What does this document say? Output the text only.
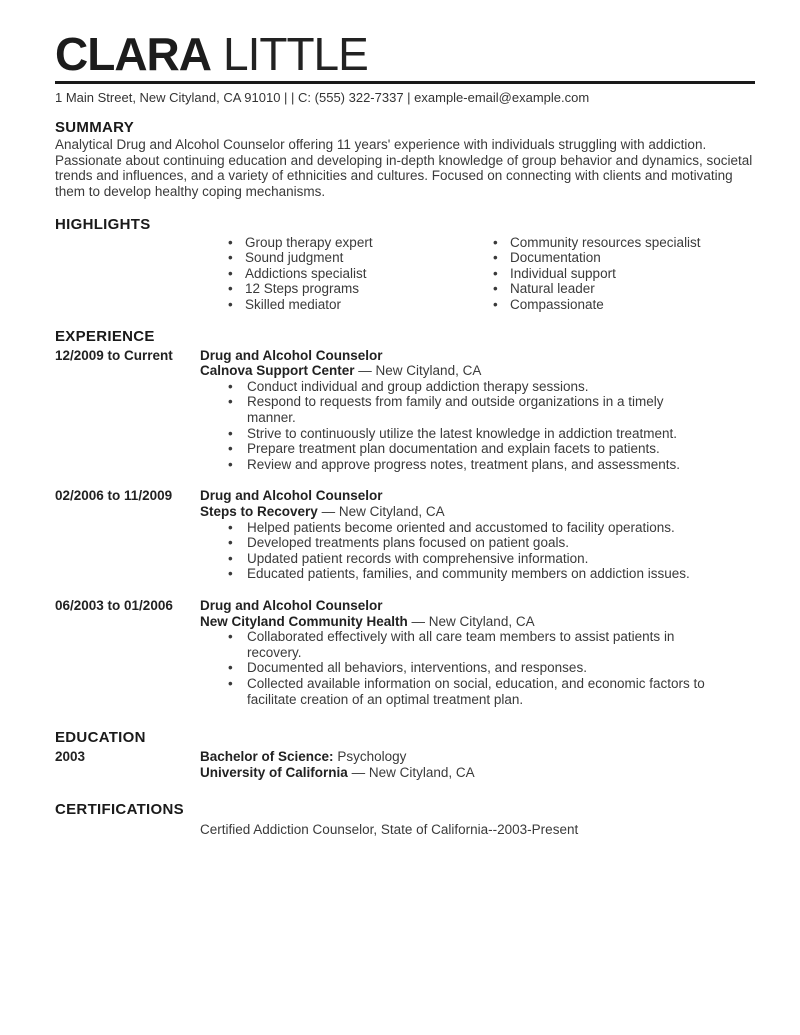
CLARA LITTLE
1 Main Street, New Cityland, CA 91010 | | C: (555) 322-7337 | example-email@example.com
SUMMARY
Analytical Drug and Alcohol Counselor offering 11 years' experience with individuals struggling with addiction. Passionate about continuing education and developing in-depth knowledge of group behavior and dynamics, societal trends and influences, and a variety of ethnicities and cultures. Focused on connecting with clients and motivating them to develop healthy coping mechanisms.
HIGHLIGHTS
• Group therapy expert
• Sound judgment
• Addictions specialist
• 12 Steps programs
• Skilled mediator
• Community resources specialist
• Documentation
• Individual support
• Natural leader
• Compassionate
EXPERIENCE
12/2009 to Current	Drug and Alcohol Counselor
Calnova Support Center — New Cityland, CA
• Conduct individual and group addiction therapy sessions.
• Respond to requests from family and outside organizations in a timely manner.
• Strive to continuously utilize the latest knowledge in addiction treatment.
• Prepare treatment plan documentation and explain facets to patients.
• Review and approve progress notes, treatment plans, and assessments.
02/2006 to 11/2009	Drug and Alcohol Counselor
Steps to Recovery — New Cityland, CA
• Helped patients become oriented and accustomed to facility operations.
• Developed treatments plans focused on patient goals.
• Updated patient records with comprehensive information.
• Educated patients, families, and community members on addiction issues.
06/2003 to 01/2006	Drug and Alcohol Counselor
New Cityland Community Health — New Cityland, CA
• Collaborated effectively with all care team members to assist patients in recovery.
• Documented all behaviors, interventions, and responses.
• Collected available information on social, education, and economic factors to facilitate creation of an optimal treatment plan.
EDUCATION
2003	Bachelor of Science: Psychology
University of California — New Cityland, CA
CERTIFICATIONS
Certified Addiction Counselor, State of California--2003-Present
